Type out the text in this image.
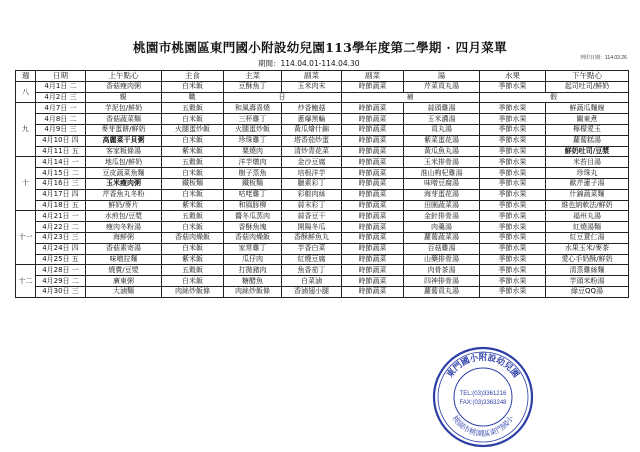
列印日期：114.03.26
桃園市桃園區東門國小附設幼兒園113學年度第二學期 · 四月菜單
期間：114.04.01-114.04.30
週	日期	上午點心	主食	主菜	副菜	副菜	湯	水果	下午點心
八	4月1日 二	香菇瘦肉粥	白米飯	豆酥魚丁	玉米肉末	時節蔬菜	芹菜貢丸湯	季節水果	起司吐司/鮮奶
	4月2日 三	親	職	日		補		假	
九	4月7日 一	芋泥包/鮮奶	五穀飯	和風壽喜燒	炒香鮑菇	時節蔬菜	蒜頭雞湯	季節水果	鮮蔬瓜麵線
	4月8日 二	香菇蔬菜麵	白米飯	三杯雞丁	蔥爆黑輪	時節蔬菜	玉米濃湯	季節水果	關東煮
	4月9日 三	麥芽蛋餅/鮮奶	火腿蛋炒飯	火腿蛋炒飯	黃瓜燴什錦	時節蔬菜	貢丸湯	季節水果	檸檬愛玉
	4月10日 四	高麗菜干貝粥	白米飯	珍珠雞丁	塔香茄炒蛋	時節蔬菜	紫菜蛋花湯	季節水果	蘿蔔糕湯
	4月11日 五	客家粄條湯	紫米飯	粟燒肉	清炒青花菜	時節蔬菜	黃瓜魚丸湯	季節水果	鮮奶吐司/豆漿
十	4月14日 一	地瓜包/鮮奶	五穀飯	洋芋燉肉	金沙豆腐	時節蔬菜	玉米排骨湯	季節水果	米苔目湯
	4月15日 二	豆皮蔬菜魚麵	白米飯	樹子蒸魚	培根洋芋	時節蔬菜	淮山枸杞雞湯	季節水果	珍珠丸
	4月16日 三	玉米瘦肉粥	鐵板麵	鐵板麵	臘素彩丁	時節蔬菜	味噌豆腐湯	季節水果	歐芹蓮子湯
	4月17日 四	芹香魚丸冬粉	白米飯	咕咾雞丁	彩椒肉絲	時節蔬菜	海芽蛋花湯	季節水果	什錦蔬菜麵
	4月18日 五	鮮奶/麥片	紫米飯	和風豚柳	蒜末彩丁	時節蔬菜	田園蔬菜湯	季節水果	維也納軟法/鮮奶
十一	4月21日 一	水煎包/豆漿	五穀飯	醬冬瓜蒸肉	蒜香豆干	時節蔬菜	金針排骨湯	季節水果	福州丸湯
	4月22日 二	瘦肉冬粉湯	白米飯	香酥魚塊	開陽冬瓜	時節蔬菜	肉羹湯	季節水果	紅燒湯麵
	4月23日 三	海鮮粥	香菇肉燥飯	香菇肉燥飯	香酥鮮魚丸	時節蔬菜	蘿蔔蔬菜湯	季節水果	紅豆薏仁湯
	4月24日 四	香菇素寄湯	白米飯	家常雞丁	芋香白菜	時節蔬菜	百菇雞湯	季節水果	水果玉米/麥茶
	4月25日 五	味噌拉麵	紫米飯	瓜仔肉	紅燒豆腐	時節蔬菜	山藥排骨湯	季節水果	愛心手奶酥/鮮奶
十二	4月28日 一	燒賣/豆漿	五穀飯	打拋豬肉	魚香茄丁	時節蔬菜	肉骨茶湯	季節水果	清蒸雞絲麵
	4月29日 二	廣東粥	白米飯	糖醋魚	白菜滷	時節蔬菜	四神排骨湯	季節水果	芋頭米粉湯
	4月30日 三	大滷麵	肉絲炒飯條	肉絲炒飯條	香滷翅小腿	時節蔬菜	蘿蔔貢丸湯	季節水果	綠豆QQ湯
東門國小附設幼兒園
桃園市桃園區東門國小
TEL:(03)3361216
FAX:(03)3363248
